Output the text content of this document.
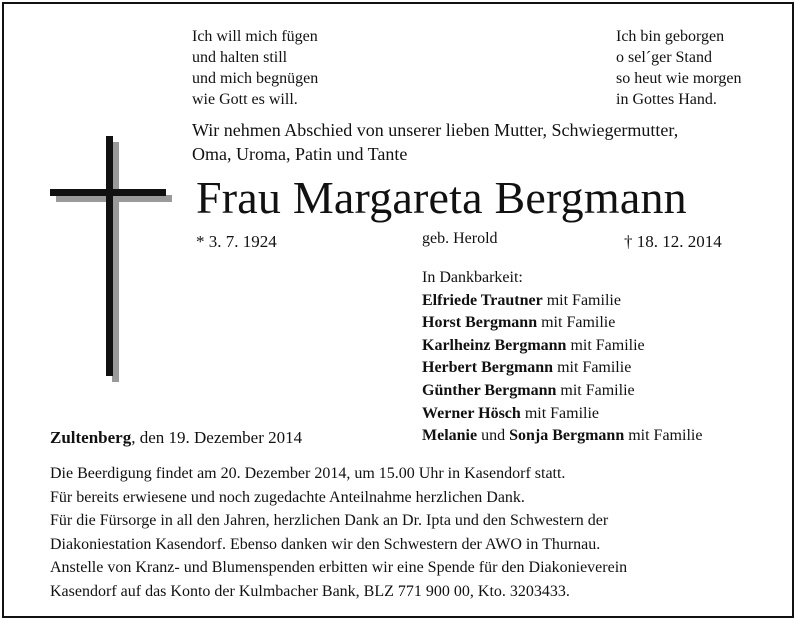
Ich will mich fügen
und halten still
und mich begnügen
wie Gott es will.
Ich bin geborgen
o sel´ger Stand
so heut wie morgen
in Gottes Hand.
Wir nehmen Abschied von unserer lieben Mutter, Schwiegermutter,
Oma, Uroma, Patin und Tante
Frau Margareta Bergmann
* 3. 7. 1924	geb. Herold	† 18. 12. 2014
In Dankbarkeit:
Elfriede Trautner mit Familie
Horst Bergmann mit Familie
Karlheinz Bergmann mit Familie
Herbert Bergmann mit Familie
Günther Bergmann mit Familie
Werner Hösch mit Familie
Melanie und Sonja Bergmann mit Familie
Zultenberg, den 19. Dezember 2014
Die Beerdigung findet am 20. Dezember 2014, um 15.00 Uhr in Kasendorf statt.
Für bereits erwiesene und noch zugedachte Anteilnahme herzlichen Dank.
Für die Fürsorge in all den Jahren, herzlichen Dank an Dr. Ipta und den Schwestern der
Diakoniestation Kasendorf. Ebenso danken wir den Schwestern der AWO in Thurnau.
Anstelle von Kranz- und Blumenspenden erbitten wir eine Spende für den Diakonieverein
Kasendorf auf das Konto der Kulmbacher Bank, BLZ 771 900 00, Kto. 3203433.
